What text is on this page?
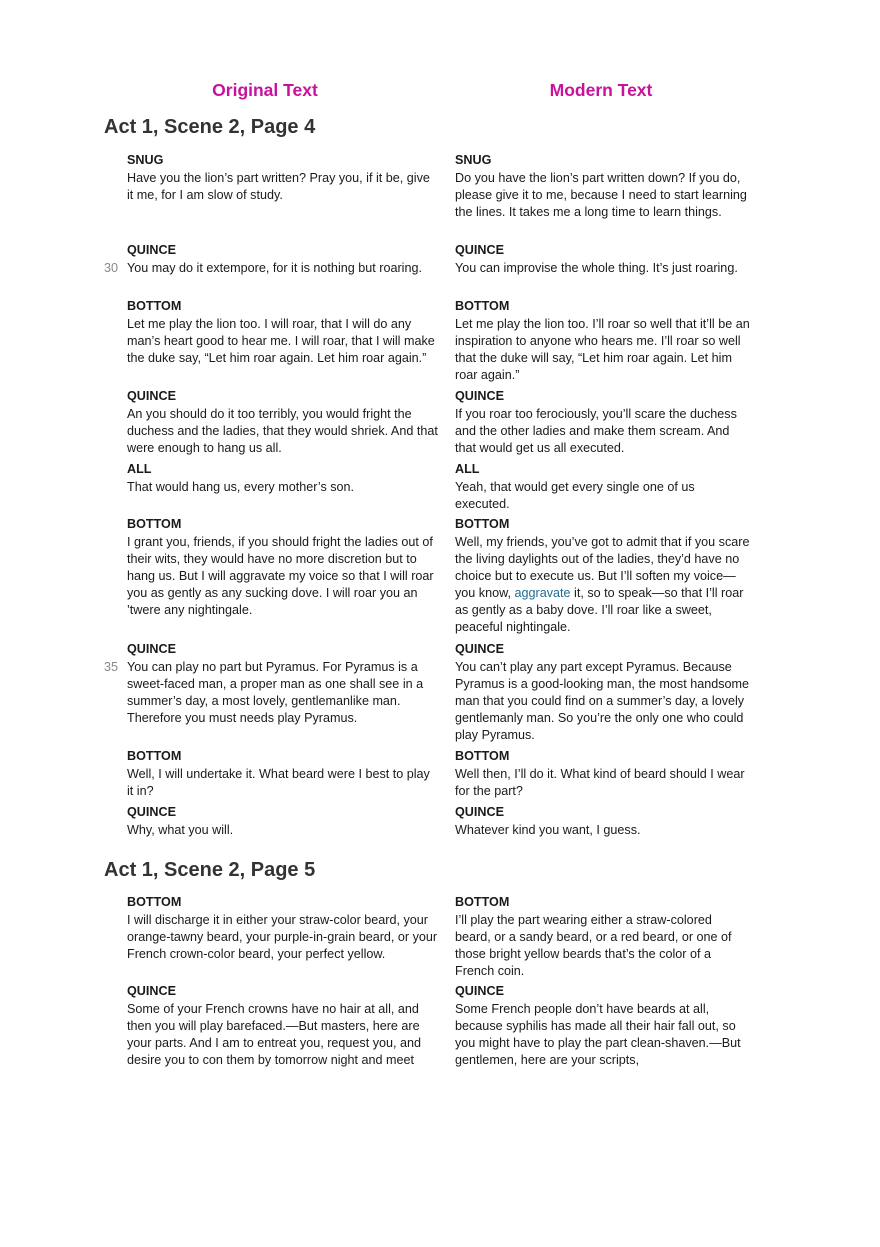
Original Text	Modern Text
Act 1, Scene 2, Page 4
SNUG
Have you the lion’s part written? Pray you, if it be, give it me, for I am slow of study.
SNUG
Do you have the lion’s part written down? If you do, please give it to me, because I need to start learning the lines. It takes me a long time to learn things.
30
QUINCE
You may do it extempore, for it is nothing but roaring.
QUINCE
You can improvise the whole thing. It’s just roaring.
BOTTOM
Let me play the lion too. I will roar, that I will do any man’s heart good to hear me. I will roar, that I will make the duke say, “Let him roar again. Let him roar again.”
BOTTOM
Let me play the lion too. I’ll roar so well that it’ll be an inspiration to anyone who hears me. I’ll roar so well that the duke will say, “Let him roar again. Let him roar again.”
QUINCE
An you should do it too terribly, you would fright the duchess and the ladies, that they would shriek. And that were enough to hang us all.
QUINCE
If you roar too ferociously, you’ll scare the duchess and the other ladies and make them scream. And that would get us all executed.
ALL
That would hang us, every mother’s son.
ALL
Yeah, that would get every single one of us executed.
BOTTOM
I grant you, friends, if you should fright the ladies out of their wits, they would have no more discretion but to hang us. But I will aggravate my voice so that I will roar you as gently as any sucking dove. I will roar you an ’twere any nightingale.
BOTTOM
Well, my friends, you’ve got to admit that if you scare the living daylights out of the ladies, they’d have no choice but to execute us. But I’ll soften my voice—you know, aggravate it, so to speak—so that I’ll roar as gently as a baby dove. I’ll roar like a sweet, peaceful nightingale.
35
QUINCE
You can play no part but Pyramus. For Pyramus is a sweet-faced man, a proper man as one shall see in a summer’s day, a most lovely, gentlemanlike man. Therefore you must needs play Pyramus.
QUINCE
You can’t play any part except Pyramus. Because Pyramus is a good-looking man, the most handsome man that you could find on a summer’s day, a lovely gentlemanly man. So you’re the only one who could play Pyramus.
BOTTOM
Well, I will undertake it. What beard were I best to play it in?
BOTTOM
Well then, I’ll do it. What kind of beard should I wear for the part?
QUINCE
Why, what you will.
QUINCE
Whatever kind you want, I guess.
Act 1, Scene 2, Page 5
BOTTOM
I will discharge it in either your straw-color beard, your orange-tawny beard, your purple-in-grain beard, or your French crown-color beard, your perfect yellow.
BOTTOM
I’ll play the part wearing either a straw-colored beard, or a sandy beard, or a red beard, or one of those bright yellow beards that’s the color of a French coin.
QUINCE
Some of your French crowns have no hair at all, and then you will play barefaced.—But masters, here are your parts. And I am to entreat you, request you, and desire you to con them by tomorrow night and meet
QUINCE
Some French people don’t have beards at all, because syphilis has made all their hair fall out, so you might have to play the part clean-shaven.—But gentlemen, here are your scripts,
